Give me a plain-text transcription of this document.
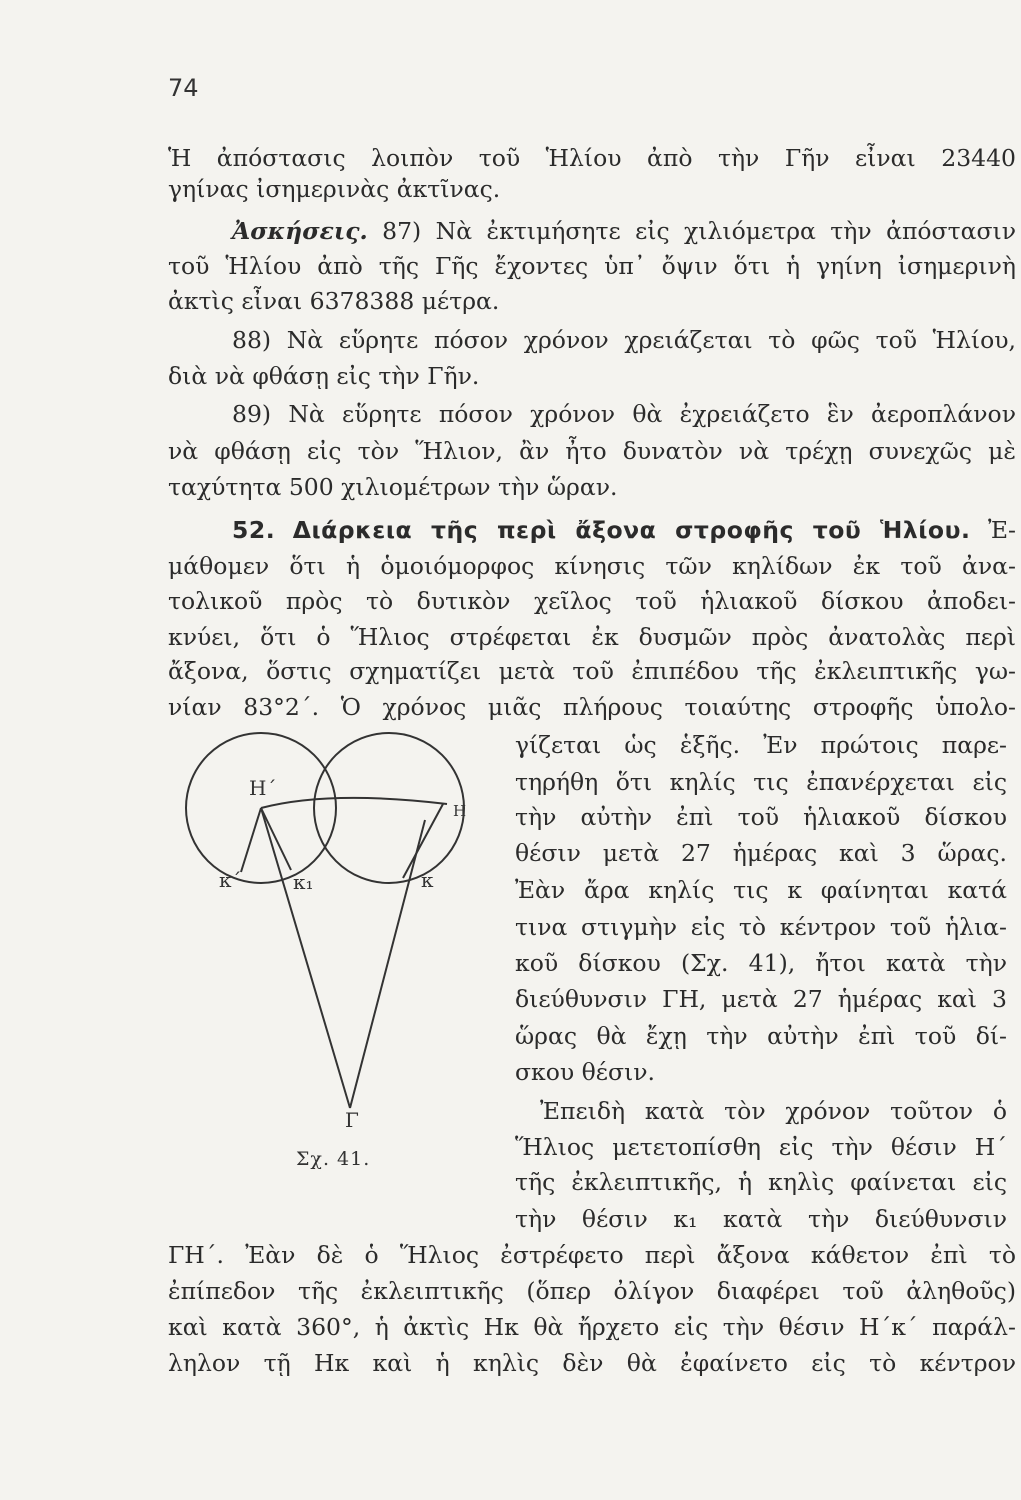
74
Ἡ ἀπόστασις λοιπὸν τοῦ Ἡλίου ἀπὸ τὴν Γῆν εἶναι 23440
γηίνας ἰσημερινὰς ἀκτῖνας.
Ἀσκήσεις. 87) Νὰ ἐκτιμήσητε εἰς χιλιόμετρα τὴν ἀπόστασιν
τοῦ Ἡλίου ἀπὸ τῆς Γῆς ἔχοντες ὑπ᾿ ὄψιν ὅτι ἡ γηίνη ἰσημερινὴ
ἀκτὶς εἶναι 6378388 μέτρα.
88) Νὰ εὕρητε πόσον χρόνον χρειάζεται τὸ φῶς τοῦ Ἡλίου,
διὰ νὰ φθάσῃ εἰς τὴν Γῆν.
89) Νὰ εὕρητε πόσον χρόνον θὰ ἐχρειάζετο ἓν ἀεροπλάνον
νὰ φθάσῃ εἰς τὸν Ἥλιον, ἂν ἦτο δυνατὸν νὰ τρέχῃ συνεχῶς μὲ
ταχύτητα 500 χιλιομέτρων τὴν ὥραν.
52. Διάρκεια τῆς περὶ ἄξονα στροφῆς τοῦ Ἡλίου. Ἐ-
μάθομεν ὅτι ἡ ὁμοιόμορφος κίνησις τῶν κηλίδων ἐκ τοῦ ἀνα-
τολικοῦ πρὸς τὸ δυτικὸν χεῖλος τοῦ ἡλιακοῦ δίσκου ἀποδει-
κνύει, ὅτι ὁ Ἥλιος στρέφεται ἐκ δυσμῶν πρὸς ἀνατολὰς περὶ
ἄξονα, ὅστις σχηματίζει μετὰ τοῦ ἐπιπέδου τῆς ἐκλειπτικῆς γω-
νίαν 83°2΄. Ὁ χρόνος μιᾶς πλήρους τοιαύτης στροφῆς ὑπολο-
γίζεται ὡς ἑξῆς. Ἐν πρώτοις παρε-
τηρήθη ὅτι κηλίς τις ἐπανέρχεται εἰς
τὴν αὐτὴν ἐπὶ τοῦ ἡλιακοῦ δίσκου
θέσιν μετὰ 27 ἡμέρας καὶ 3 ὥρας.
Ἐὰν ἄρα κηλίς τις κ φαίνηται κατά
τινα στιγμὴν εἰς τὸ κέντρον τοῦ ἡλια-
κοῦ δίσκου (Σχ. 41), ἤτοι κατὰ τὴν
διεύθυνσιν ΓΗ, μετὰ 27 ἡμέρας καὶ 3
ὥρας θὰ ἔχῃ τὴν αὐτὴν ἐπὶ τοῦ δί-
σκου θέσιν.
Ἐπειδὴ κατὰ τὸν χρόνον τοῦτον ὁ
Ἥλιος μετετοπίσθη εἰς τὴν θέσιν Η΄
τῆς ἐκλειπτικῆς, ἡ κηλὶς φαίνεται εἰς
τὴν θέσιν κ₁ κατὰ τὴν διεύθυνσιν
ΓΗ΄. Ἐὰν δὲ ὁ Ἥλιος ἐστρέφετο περὶ ἄξονα κάθετον ἐπὶ τὸ
ἐπίπεδον τῆς ἐκλειπτικῆς (ὅπερ ὀλίγον διαφέρει τοῦ ἀληθοῦς)
καὶ κατὰ 360°, ἡ ἀκτὶς Ηκ θὰ ἤρχετο εἰς τὴν θέσιν Η΄κ΄ παράλ-
ληλον τῇ Ηκ καὶ ἡ κηλὶς δὲν θὰ ἐφαίνετο εἰς τὸ κέντρον
Η΄
Η
κ΄	κ₁	κ
Γ
Σχ. 41.
